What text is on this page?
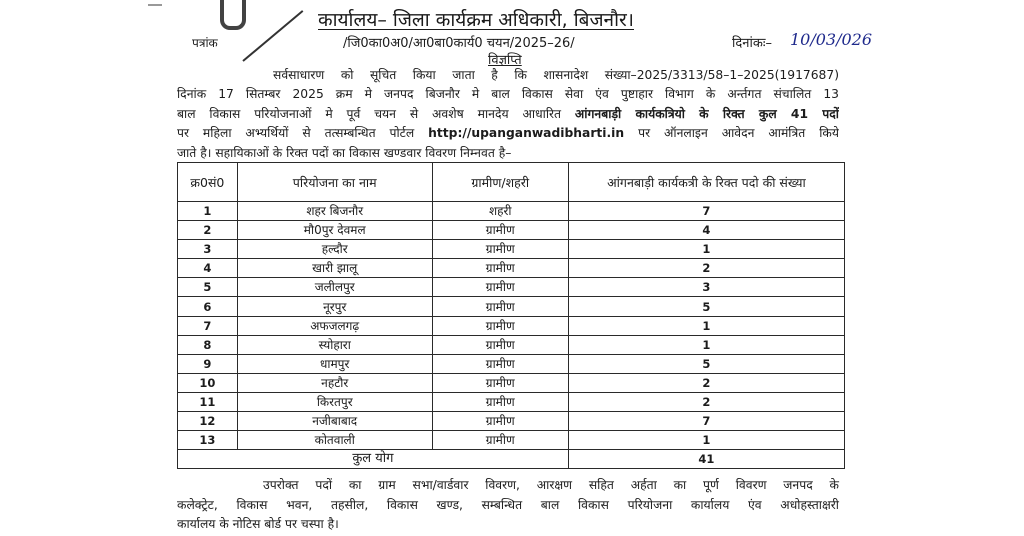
कार्यालय– जिला कार्यक्रम अधिकारी, बिजनौर।
पत्रांक	/जि0का0अ0/आ0बा0कार्य0 चयन/2025–26/	दिनांकः– 10/03/026
विज्ञप्ति
सर्वसाधारण को सूचित किया जाता है कि शासनादेश संख्या–2025/3313/58–1–2025(1917687)
दिनांक 17 सितम्बर 2025 क्रम मे जनपद बिजनौर मे बाल विकास सेवा एंव पुष्टाहार विभाग के अर्न्तगत संचालित 13
बाल विकास परियोजनाओं मे पूर्व चयन से अवशेष मानदेय आधारित आंगनबाड़ी कार्यकत्रियो के रिक्त कुल 41 पदों
पर महिला अभ्यर्थियों से तत्सम्बन्धित पोर्टल http://upanganwadibharti.in पर ऑनलाइन आवेदन आमंत्रित किये
जाते है। सहायिकाओं के रिक्त पदों का विकास खण्डवार विवरण निम्नवत है–
क्र0सं0	परियोजना का नाम	ग्रामीण/शहरी	आंगनबाड़ी कार्यकत्री के रिक्त पदो की संख्या
1	शहर बिजनौर	शहरी	7
2	मौ0पुर देवमल	ग्रामीण	4
3	हल्दौर	ग्रामीण	1
4	खारी झालू	ग्रामीण	2
5	जलीलपुर	ग्रामीण	3
6	नूरपुर	ग्रामीण	5
7	अफजलगढ़	ग्रामीण	1
8	स्योहारा	ग्रामीण	1
9	धामपुर	ग्रामीण	5
10	नहटौर	ग्रामीण	2
11	किरतपुर	ग्रामीण	2
12	नजीबाबाद	ग्रामीण	7
13	कोतवाली	ग्रामीण	1
कुल योग			41
उपरोक्त पदों का ग्राम सभा/वार्डवार विवरण, आरक्षण सहित अर्हता का पूर्ण विवरण जनपद के
कलेक्ट्रेट, विकास भवन, तहसील, विकास खण्ड, सम्बन्धित बाल विकास परियोजना कार्यालय एंव अधोहस्ताक्षरी
कार्यालय के नोटिस बोर्ड पर चस्पा है।
